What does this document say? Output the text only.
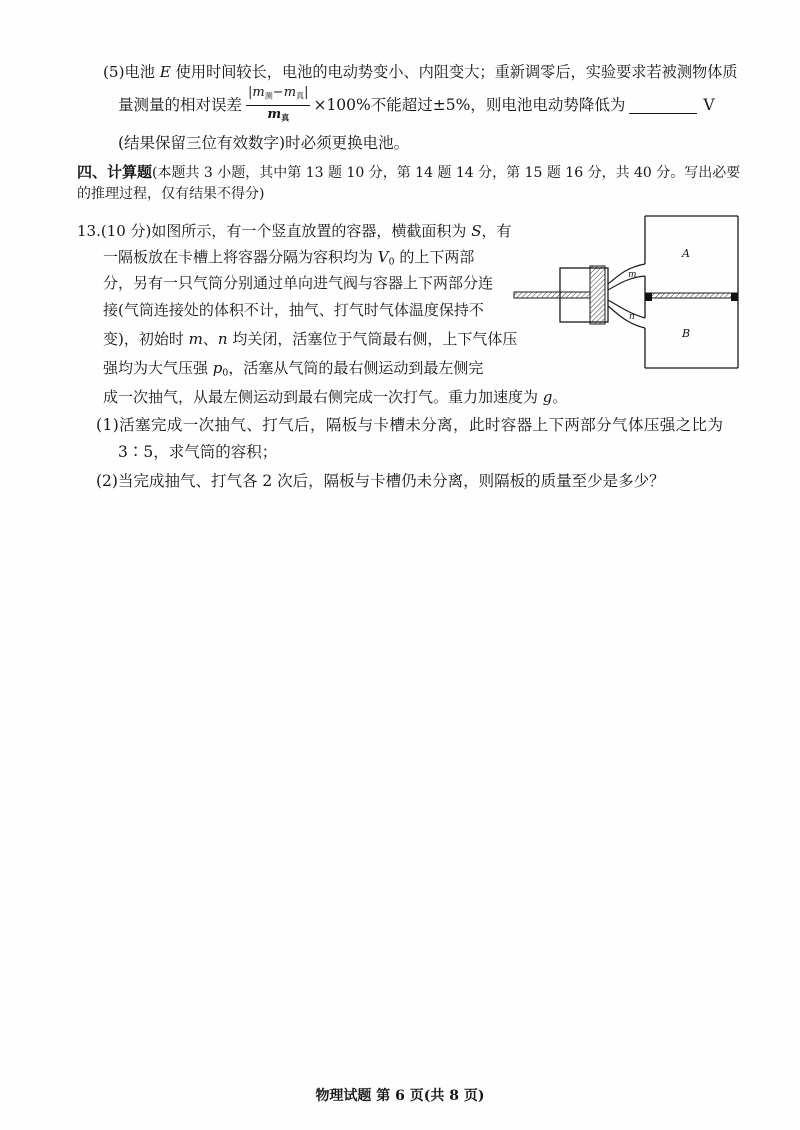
(5)电池 E 使用时间较长，电池的电动势变小、内阻变大；重新调零后，实验要求若被测物体质
量测量的相对误差 $\frac{\text{|m测−m真|}}{\text{m真}} \times 100\%$不能超过±5%，则电池电动势降低为	V
(结果保留三位有效数字)时必须更换电池。
四、计算题(本题共 3 小题，其中第 13 题 10 分，第 14 题 14 分，第 15 题 16 分，共 40 分。写出必要
的推理过程，仅有结果不得分)
13.(10 分)如图所示，有一个竖直放置的容器，横截面积为 S，有
一隔板放在卡槽上将容器分隔为容积均为 V0 的上下两部
分，另有一只气筒分别通过单向进气阀与容器上下两部分连
接(气筒连接处的体积不计，抽气、打气时气体温度保持不
变)，初始时 m、n 均关闭，活塞位于气筒最右侧，上下气体压
强均为大气压强 p0，活塞从气筒的最右侧运动到最左侧完
成一次抽气，从最左侧运动到最右侧完成一次打气。重力加速度为 g。
(1)活塞完成一次抽气、打气后，隔板与卡槽未分离，此时容器上下两部分气体压强之比为
3∶5，求气筒的容积；
(2)当完成抽气、打气各 2 次后，隔板与卡槽仍未分离，则隔板的质量至少是多少？
m
n
A
B
物理试题 第 6 页(共 8 页)
